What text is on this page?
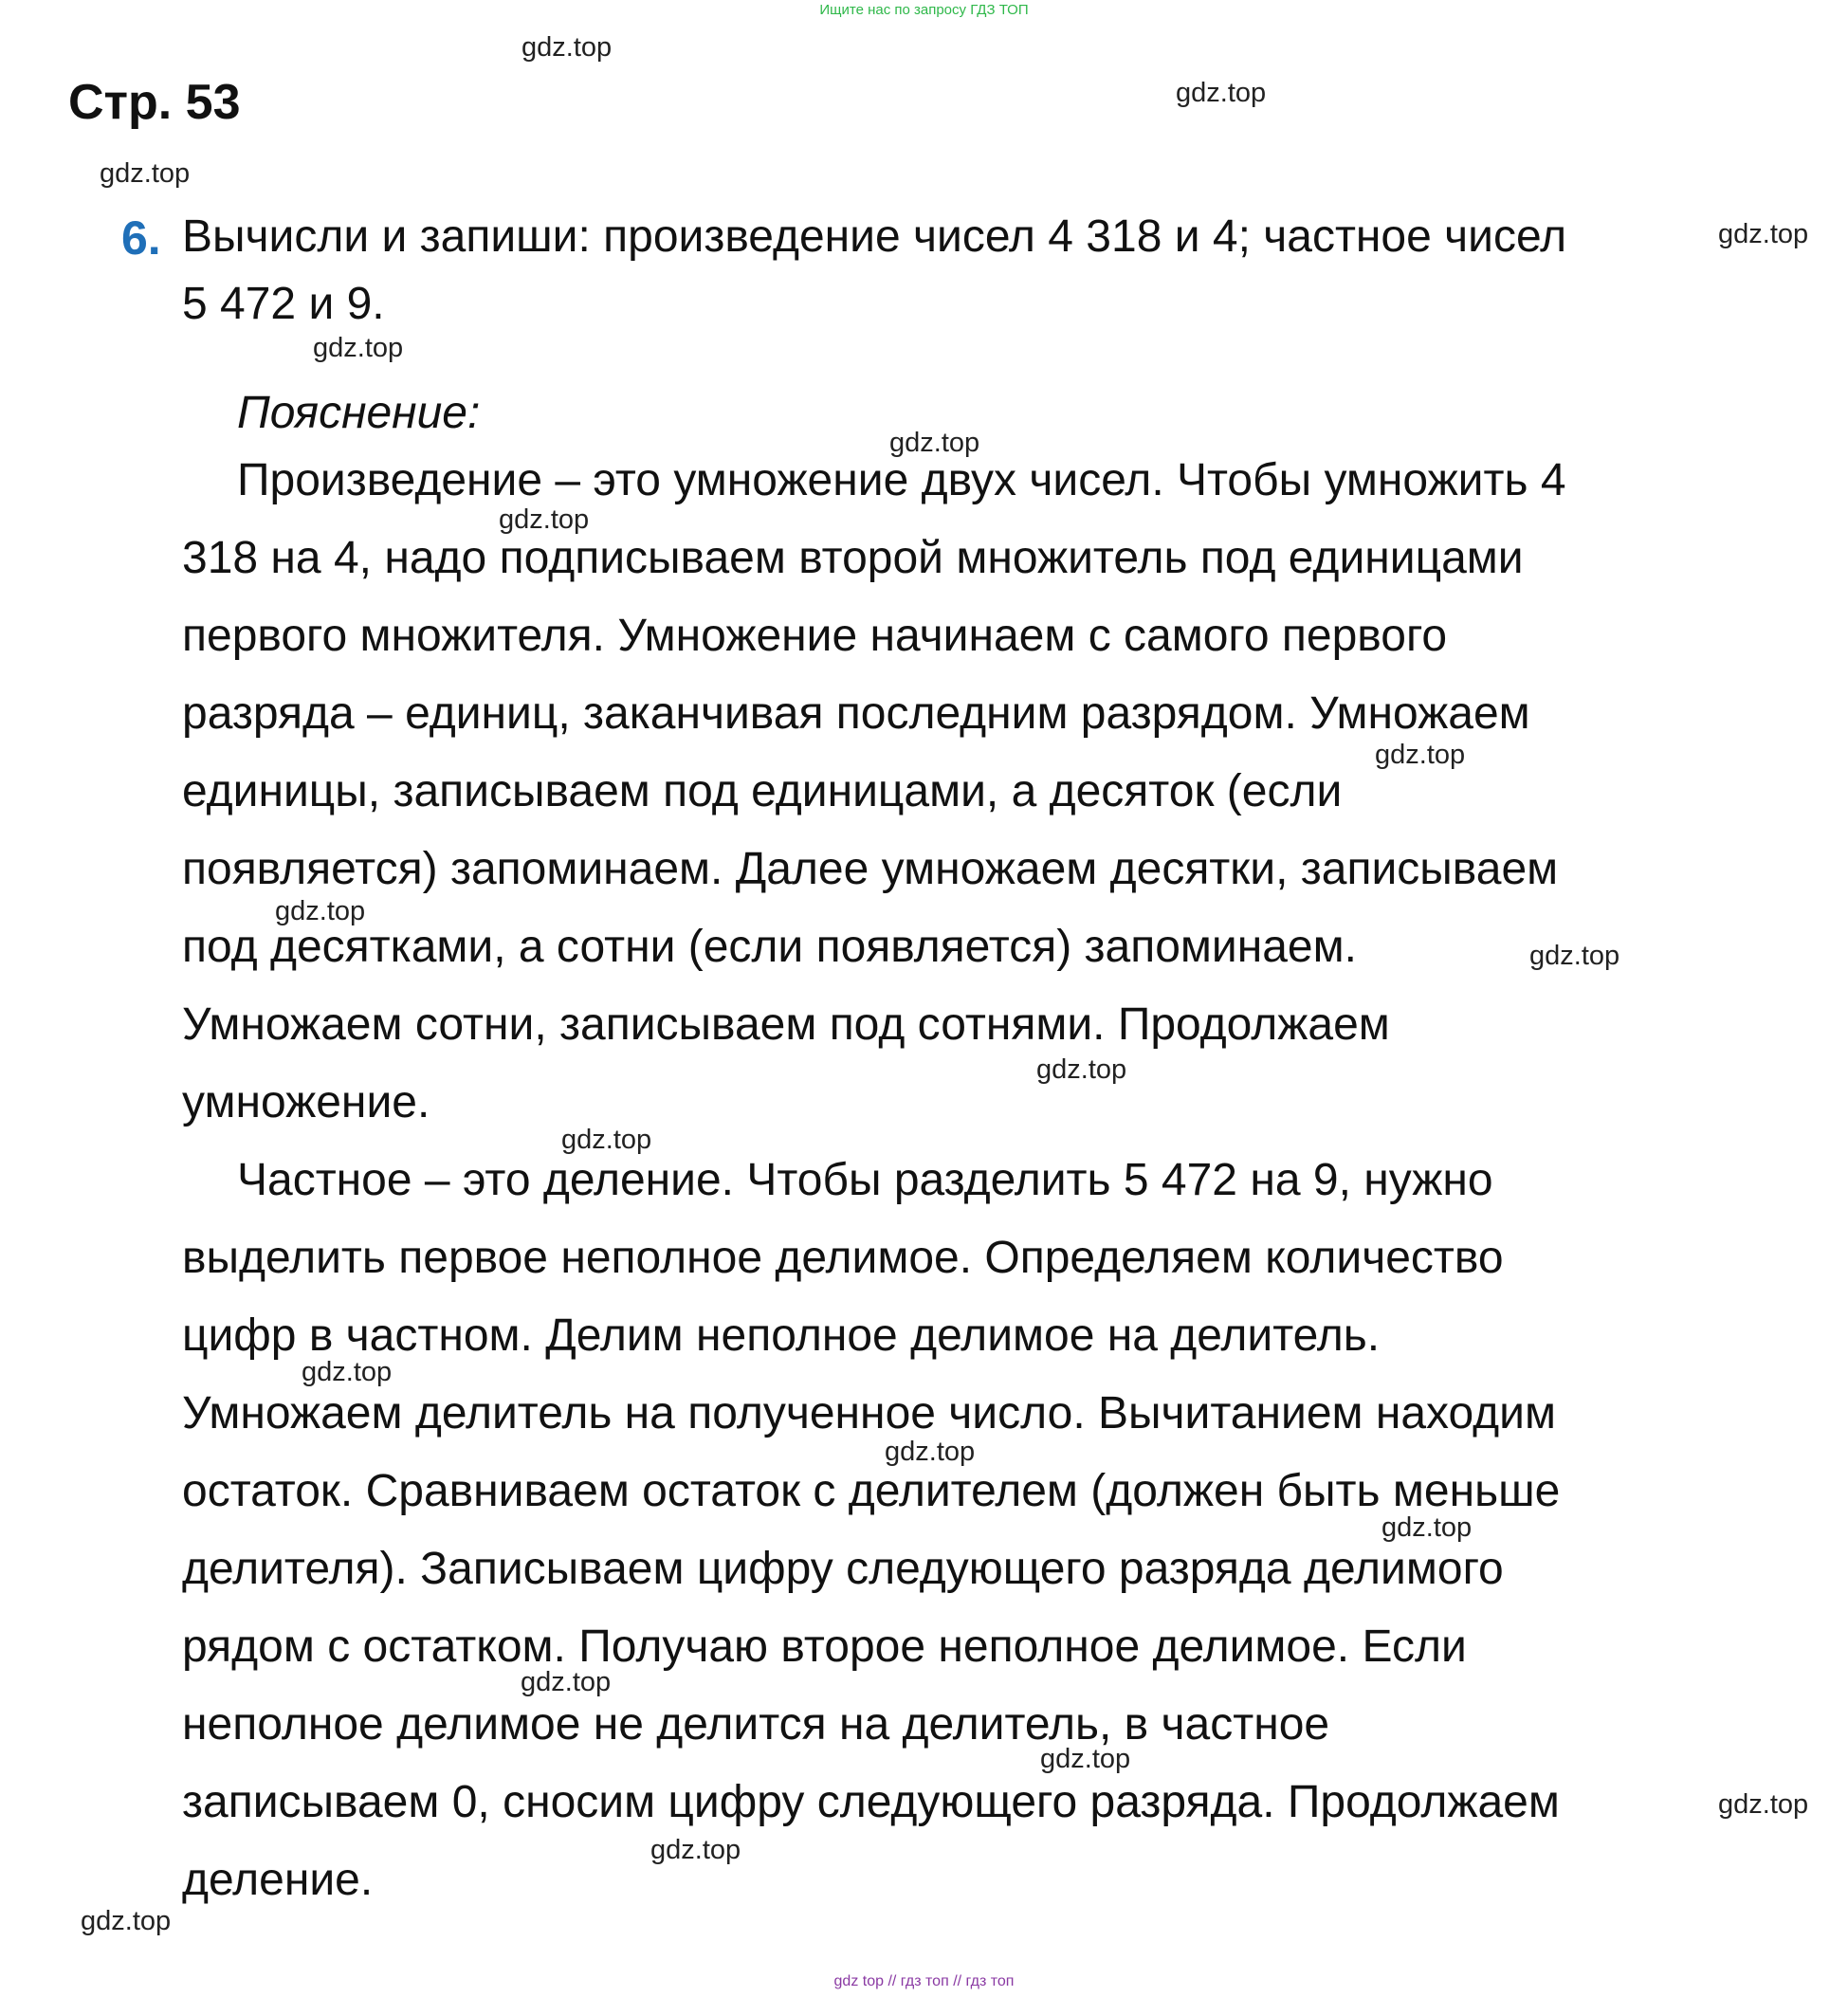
Ищите нас по запросу ГДЗ ТОП
Стр. 53
6. Вычисли и запиши: произведение чисел 4 318 и 4; частное чисел
5 472 и 9.
Пояснение:
Произведение – это умножение двух чисел. Чтобы умножить 4
318 на 4, надо подписываем второй множитель под единицами
первого множителя. Умножение начинаем с самого первого
разряда – единиц, заканчивая последним разрядом. Умножаем
единицы, записываем под единицами, а десяток (если
появляется) запоминаем. Далее умножаем десятки, записываем
под десятками, а сотни (если появляется) запоминаем.
Умножаем сотни, записываем под сотнями. Продолжаем
умножение.
Частное – это деление. Чтобы разделить 5 472 на 9, нужно
выделить первое неполное делимое. Определяем количество
цифр в частном. Делим неполное делимое на делитель.
Умножаем делитель на полученное число. Вычитанием находим
остаток. Сравниваем остаток с делителем (должен быть меньше
делителя). Записываем цифру следующего разряда делимого
рядом с остатком. Получаю второе неполное делимое. Если
неполное делимое не делится на делитель, в частное
записываем 0, сносим цифру следующего разряда. Продолжаем
деление.
gdz.top
gdz.top
gdz.top
gdz.top
gdz.top
gdz.top
gdz.top
gdz.top
gdz.top
gdz.top
gdz.top
gdz.top
gdz.top
gdz.top
gdz.top
gdz.top
gdz.top
gdz.top
gdz.top
gdz.top
gdz top // гдз топ // гдз топ
